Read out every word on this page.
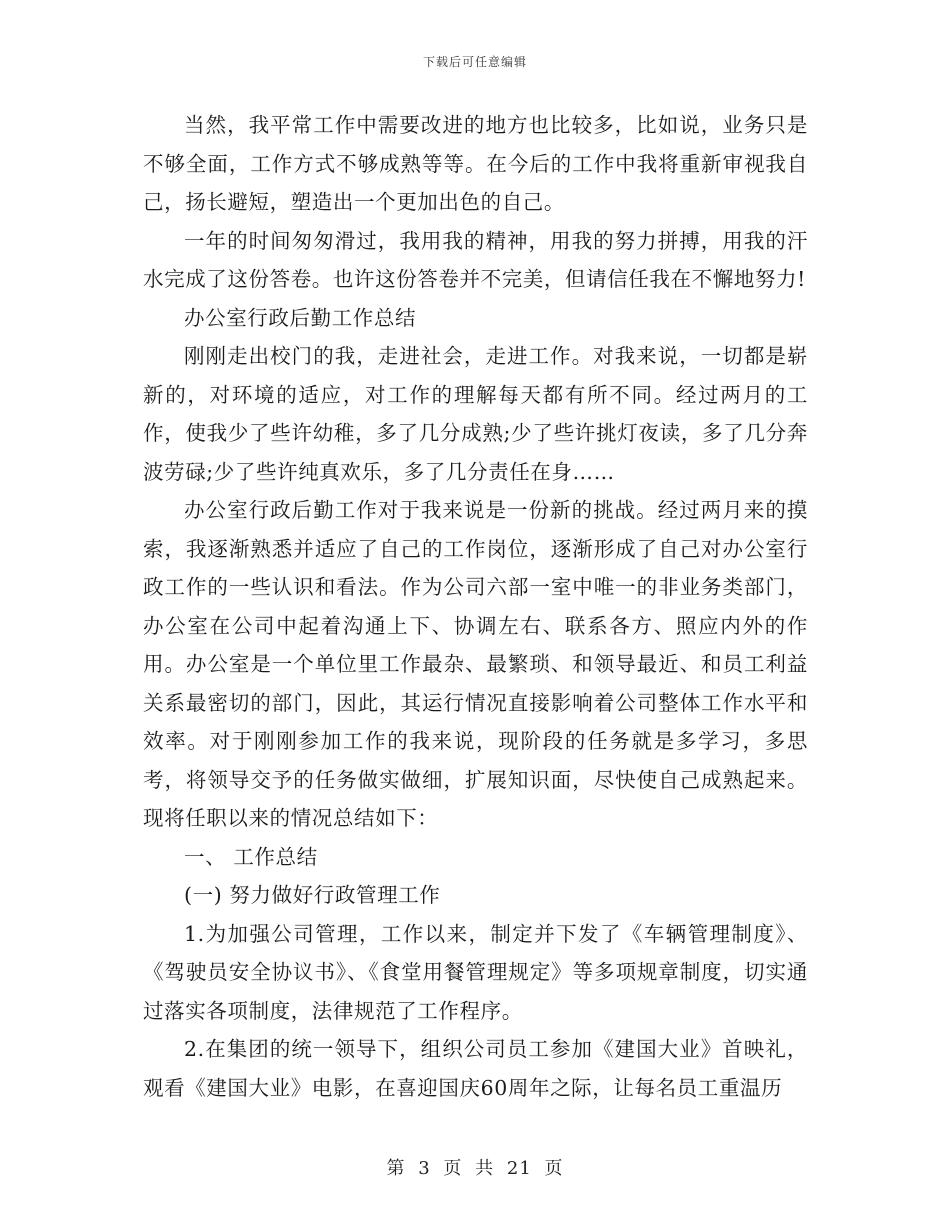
下载后可任意编辑

当然，我平常工作中需要改进的地方也比较多，比如说，业务只是不够全面，工作方式不够成熟等等。在今后的工作中我将重新审视我自己，扬长避短，塑造出一个更加出色的自己。

一年的时间匆匆滑过，我用我的精神，用我的努力拼搏，用我的汗水完成了这份答卷。也许这份答卷并不完美，但请信任我在不懈地努力!

办公室行政后勤工作总结

刚刚走出校门的我，走进社会，走进工作。对我来说，一切都是崭新的，对环境的适应，对工作的理解每天都有所不同。经过两月的工作，使我少了些许幼稚，多了几分成熟;少了些许挑灯夜读，多了几分奔波劳碌;少了些许纯真欢乐，多了几分责任在身……

办公室行政后勤工作对于我来说是一份新的挑战。经过两月来的摸索，我逐渐熟悉并适应了自己的工作岗位，逐渐形成了自己对办公室行政工作的一些认识和看法。作为公司六部一室中唯一的非业务类部门，办公室在公司中起着沟通上下、协调左右、联系各方、照应内外的作用。办公室是一个单位里工作最杂、最繁琐、和领导最近、和员工利益关系最密切的部门，因此，其运行情况直接影响着公司整体工作水平和效率。对于刚刚参加工作的我来说，现阶段的任务就是多学习，多思考，将领导交予的任务做实做细，扩展知识面，尽快使自己成熟起来。现将任职以来的情况总结如下：

一、 工作总结

(一) 努力做好行政管理工作

1.为加强公司管理，工作以来，制定并下发了《车辆管理制度》、《驾驶员安全协议书》、《食堂用餐管理规定》等多项规章制度，切实通过落实各项制度，法律规范了工作程序。

2.在集团的统一领导下，组织公司员工参加《建国大业》首映礼，观看《建国大业》电影，在喜迎国庆60周年之际，让每名员工重温历

第 3 页 共 21 页
